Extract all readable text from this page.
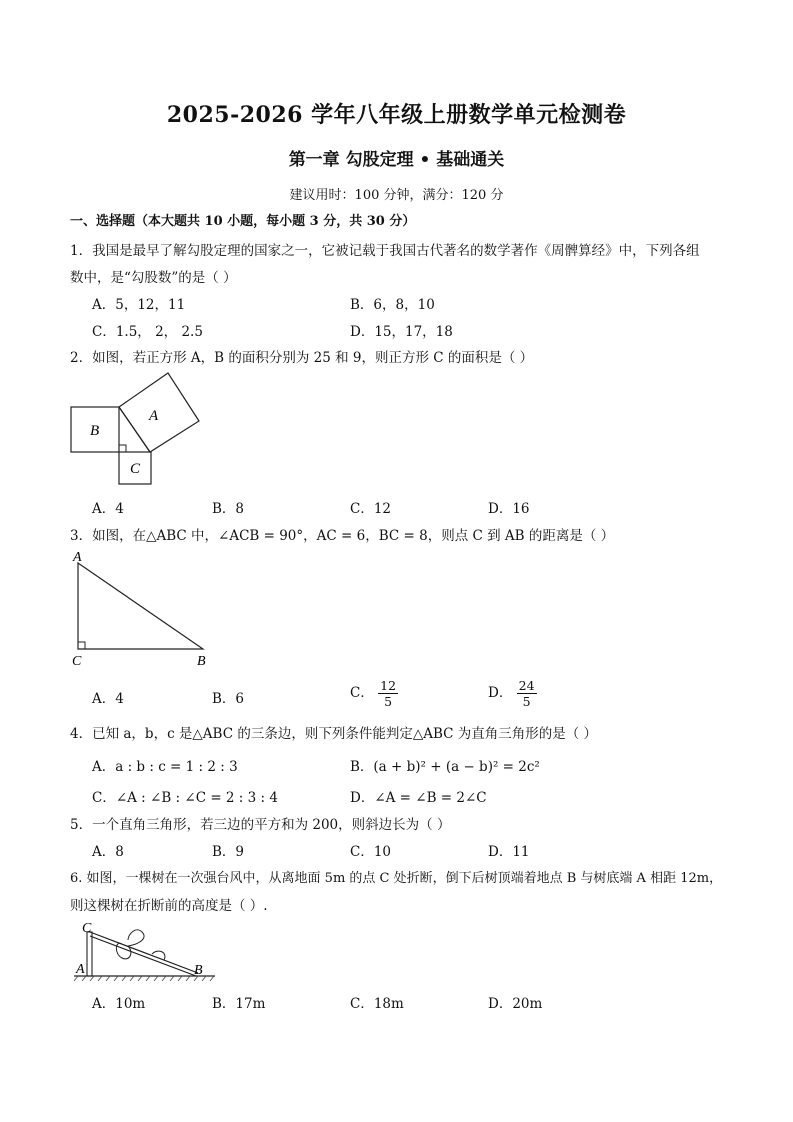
2025-2026 学年八年级上册数学单元检测卷
第一章 勾股定理 • 基础通关
建议用时：100 分钟，满分：120 分
一、选择题（本大题共 10 小题，每小题 3 分，共 30 分）
1．我国是最早了解勾股定理的国家之一，它被记载于我国古代著名的数学著作《周髀算经》中，下列各组
数中，是“勾股数”的是（ ）
A．5，12，11	B．6，8，10
C．1.5， 2， 2.5	D．15，17，18
2．如图，若正方形 A，B 的面积分别为 25 和 9，则正方形 C 的面积是（ ）
A
B
C
A．4	B．8	C．12	D．16
3．如图，在△ABC 中，∠ACB = 90°，AC = 6，BC = 8，则点 C 到 AB 的距离是（ ）
A
C	B
A．4	B．6	C． $\frac{12}{5}$	D． $\frac{24}{5}$
4．已知 a，b，c 是△ABC 的三条边，则下列条件能判定△ABC 为直角三角形的是（ ）
A．a : b : c = 1 : 2 : 3	B．(a + b)² + (a − b)² = 2c²
C．∠A : ∠B : ∠C = 2 : 3 : 4	D．∠A = ∠B = 2∠C
5．一个直角三角形，若三边的平方和为 200，则斜边长为（ ）
A．8	B．9	C．10	D．11
6. 如图，一棵树在一次强台风中，从离地面 5m 的点 C 处折断，倒下后树顶端着地点 B 与树底端 A 相距 12m，
则这棵树在折断前的高度是（ ）.
C
A	B
A．10m	B．17m	C．18m	D．20m
